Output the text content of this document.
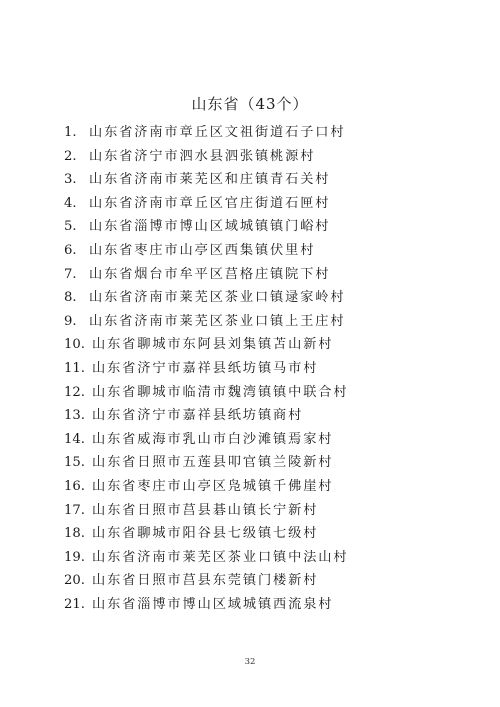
山东省（43个）
1. 山东省济南市章丘区文祖街道石子口村
2. 山东省济宁市泗水县泗张镇桃源村
3. 山东省济南市莱芜区和庄镇青石关村
4. 山东省济南市章丘区官庄街道石匣村
5. 山东省淄博市博山区域城镇镇门峪村
6. 山东省枣庄市山亭区西集镇伏里村
7. 山东省烟台市牟平区莒格庄镇院下村
8. 山东省济南市莱芜区茶业口镇逯家岭村
9. 山东省济南市莱芜区茶业口镇上王庄村
10. 山东省聊城市东阿县刘集镇苫山新村
11. 山东省济宁市嘉祥县纸坊镇马市村
12. 山东省聊城市临清市魏湾镇镇中联合村
13. 山东省济宁市嘉祥县纸坊镇商村
14. 山东省威海市乳山市白沙滩镇焉家村
15. 山东省日照市五莲县叩官镇兰陵新村
16. 山东省枣庄市山亭区凫城镇千佛崖村
17. 山东省日照市莒县碁山镇长宁新村
18. 山东省聊城市阳谷县七级镇七级村
19. 山东省济南市莱芜区茶业口镇中法山村
20. 山东省日照市莒县东莞镇门楼新村
21. 山东省淄博市博山区域城镇西流泉村
32
